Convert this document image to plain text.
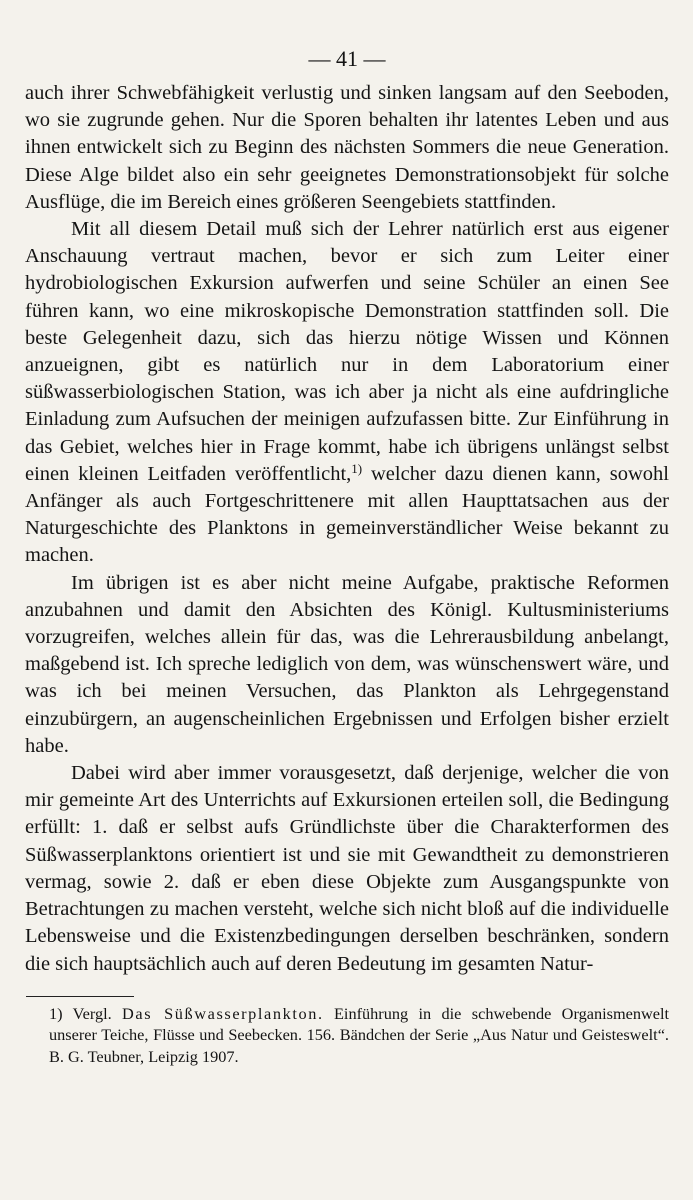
— 41 —

auch ihrer Schwebfähigkeit verlustig und sinken langsam auf den Seeboden, wo sie zugrunde gehen. Nur die Sporen behalten ihr latentes Leben und aus ihnen entwickelt sich zu Beginn des nächsten Sommers die neue Generation. Diese Alge bildet also ein sehr geeignetes Demonstrationsobjekt für solche Ausflüge, die im Bereich eines größeren Seengebiets stattfinden.

Mit all diesem Detail muß sich der Lehrer natürlich erst aus eigener Anschauung vertraut machen, bevor er sich zum Leiter einer hydrobiologischen Exkursion aufwerfen und seine Schüler an einen See führen kann, wo eine mikroskopische Demonstration stattfinden soll. Die beste Gelegenheit dazu, sich das hierzu nötige Wissen und Können anzueignen, gibt es natürlich nur in dem Laboratorium einer süßwasserbiologischen Station, was ich aber ja nicht als eine aufdringliche Einladung zum Aufsuchen der meinigen aufzufassen bitte. Zur Einführung in das Gebiet, welches hier in Frage kommt, habe ich übrigens unlängst selbst einen kleinen Leitfaden veröffentlicht,$^{1)}$ welcher dazu dienen kann, sowohl Anfänger als auch Fortgeschrittenere mit allen Haupttatsachen aus der Naturgeschichte des Planktons in gemeinverständlicher Weise bekannt zu machen.

Im übrigen ist es aber nicht meine Aufgabe, praktische Reformen anzubahnen und damit den Absichten des Königl. Kultusministeriums vorzugreifen, welches allein für das, was die Lehrerausbildung anbelangt, maßgebend ist. Ich spreche lediglich von dem, was wünschenswert wäre, und was ich bei meinen Versuchen, das Plankton als Lehrgegenstand einzubürgern, an augenscheinlichen Ergebnissen und Erfolgen bisher erzielt habe.

Dabei wird aber immer vorausgesetzt, daß derjenige, welcher die von mir gemeinte Art des Unterrichts auf Exkursionen erteilen soll, die Bedingung erfüllt: 1. daß er selbst aufs Gründlichste über die Charakterformen des Süßwasserplanktons orientiert ist und sie mit Gewandtheit zu demonstrieren vermag, sowie 2. daß er eben diese Objekte zum Ausgangspunkte von Betrachtungen zu machen versteht, welche sich nicht bloß auf die individuelle Lebensweise und die Existenzbedingungen derselben beschränken, sondern die sich hauptsächlich auch auf deren Bedeutung im gesamten Natur-

1) Vergl. Das Süßwasserplankton. Einführung in die schwebende Organismenwelt unserer Teiche, Flüsse und Seebecken. 156. Bändchen der Serie „Aus Natur und Geisteswelt“. B. G. Teubner, Leipzig 1907.
